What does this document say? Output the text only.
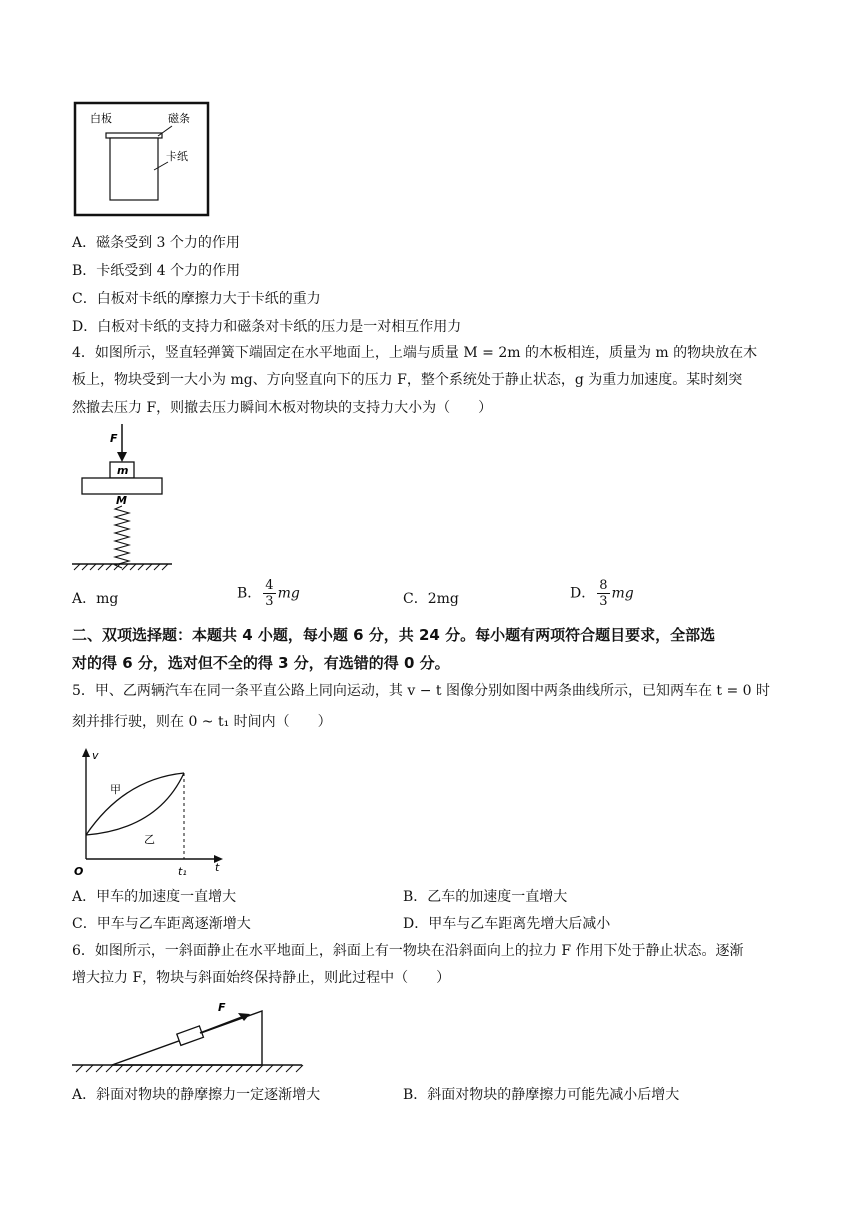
白板	磁条
卡纸
A．磁条受到 3 个力的作用
B．卡纸受到 4 个力的作用
C．白板对卡纸的摩擦力大于卡纸的重力
D．白板对卡纸的支持力和磁条对卡纸的压力是一对相互作用力
4．如图所示，竖直轻弹簧下端固定在水平地面上，上端与质量 M = 2m 的木板相连，质量为 m 的物块放在木
板上，物块受到一大小为 mg、方向竖直向下的压力 F，整个系统处于静止状态，g 为重力加速度。某时刻突
然撤去压力 F，则撤去压力瞬间木板对物块的支持力大小为（　　）
F
m
M
A．mg	B． $\frac{4}{3}$ mg	C．2mg	D． $\frac{8}{3}$ mg
二、双项选择题：本题共 4 小题，每小题 6 分，共 24 分。每小题有两项符合题目要求，全部选
对的得 6 分，选对但不全的得 3 分，有选错的得 0 分。
5．甲、乙两辆汽车在同一条平直公路上同向运动，其 v − t 图像分别如图中两条曲线所示，已知两车在 t = 0 时
刻并排行驶，则在 0 ~ t₁ 时间内（　　）
v
t
O	t₁
甲
乙
A．甲车的加速度一直增大	B．乙车的加速度一直增大
C．甲车与乙车距离逐渐增大	D．甲车与乙车距离先增大后减小
6．如图所示，一斜面静止在水平地面上，斜面上有一物块在沿斜面向上的拉力 F 作用下处于静止状态。逐渐
增大拉力 F，物块与斜面始终保持静止，则此过程中（　　）
F
A．斜面对物块的静摩擦力一定逐渐增大	B．斜面对物块的静摩擦力可能先减小后增大
